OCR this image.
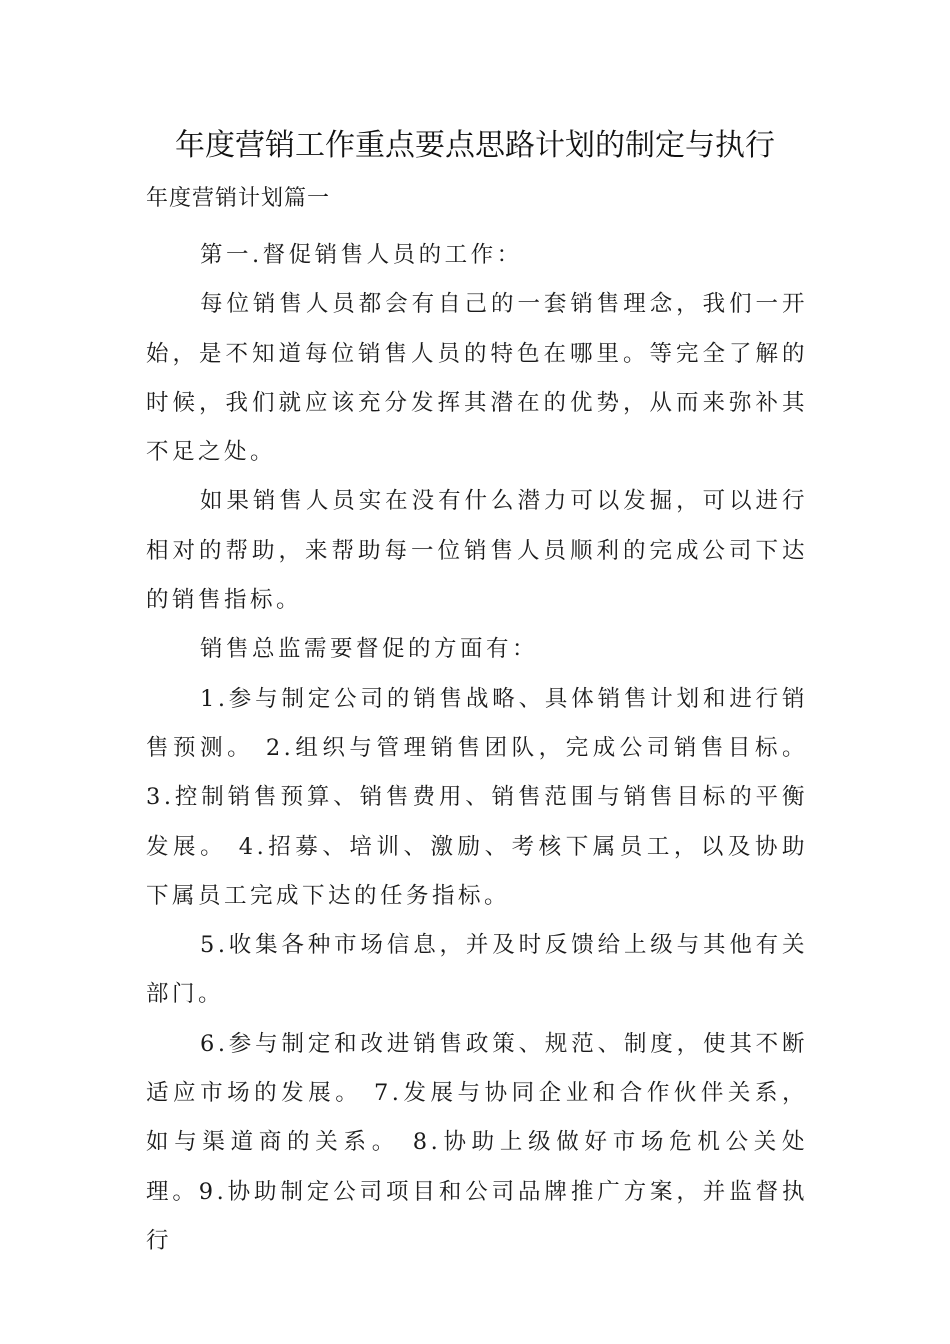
年度营销工作重点要点思路计划的制定与执行
年度营销计划篇一

第一.督促销售人员的工作：

每位销售人员都会有自己的一套销售理念，我们一开始，是不知道每位销售人员的特色在哪里。等完全了解的时候，我们就应该充分发挥其潜在的优势，从而来弥补其不足之处。

如果销售人员实在没有什么潜力可以发掘，可以进行相对的帮助，来帮助每一位销售人员顺利的完成公司下达的销售指标。

销售总监需要督促的方面有：

1.参与制定公司的销售战略、具体销售计划和进行销售预测。 2.组织与管理销售团队，完成公司销售目标。3.控制销售预算、销售费用、销售范围与销售目标的平衡发展。 4.招募、培训、激励、考核下属员工，以及协助下属员工完成下达的任务指标。

5.收集各种市场信息，并及时反馈给上级与其他有关部门。

6.参与制定和改进销售政策、规范、制度，使其不断适应市场的发展。 7.发展与协同企业和合作伙伴关系，如与渠道商的关系。 8.协助上级做好市场危机公关处理。9.协助制定公司项目和公司品牌推广方案，并监督执行
